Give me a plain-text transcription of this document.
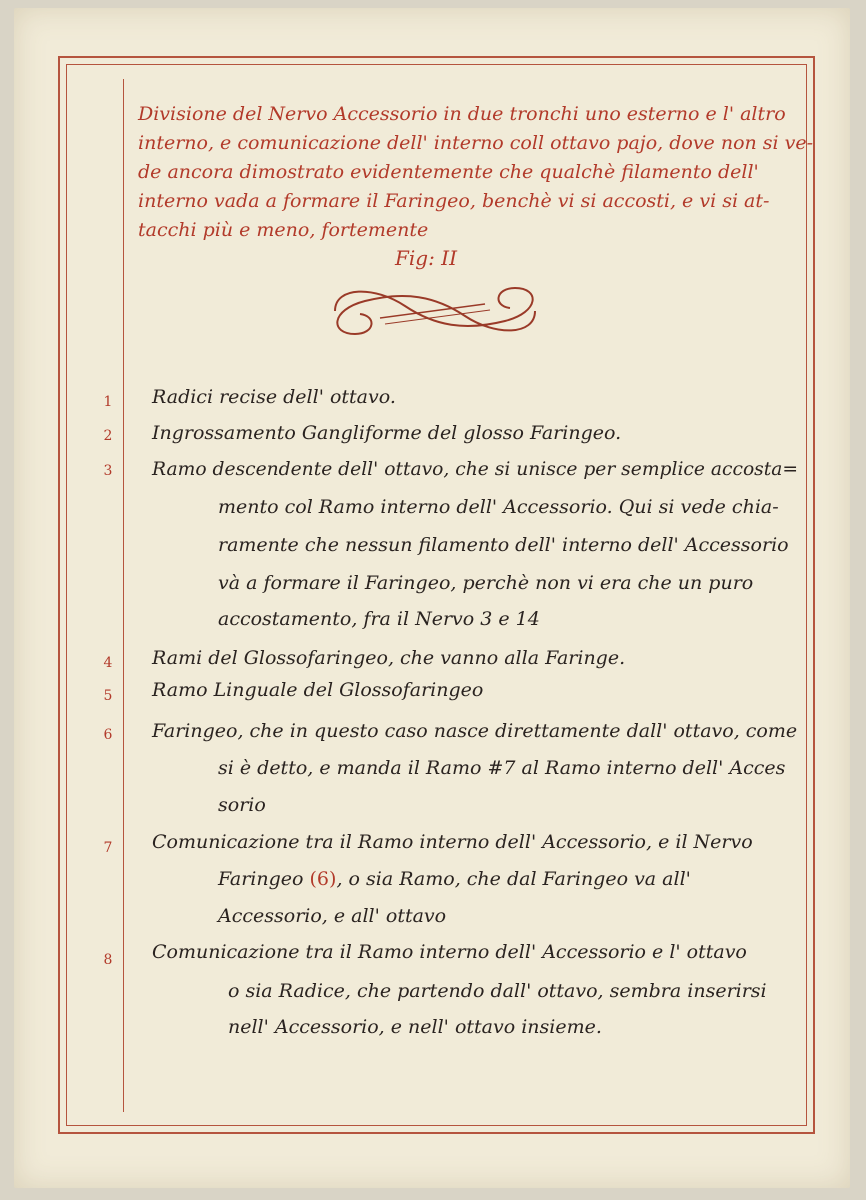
Divisione del Nervo Accessorio in due tronchi uno esterno e l' altro
interno, e comunicazione dell' interno coll ottavo pajo, dove non si ve-
de ancora dimostrato evidentemente che qualchè filamento dell'
interno vada a formare il Faringeo, benchè vi si accosti, e vi si at-
tacchi più e meno, fortemente
Fig: II
1	Radici recise dell' ottavo.
2	Ingrossamento Gangliforme del glosso Faringeo.
3	Ramo descendente dell' ottavo, che si unisce per semplice accosta=
mento col Ramo interno dell' Accessorio. Qui si vede chia-
ramente che nessun filamento dell' interno dell' Accessorio
và a formare il Faringeo, perchè non vi era che un puro
accostamento, fra il Nervo 3 e 14
4	Rami del Glossofaringeo, che vanno alla Faringe.
5	Ramo Linguale del Glossofaringeo
6	Faringeo, che in questo caso nasce direttamente dall' ottavo, come
si è detto, e manda il Ramo #7 al Ramo interno dell' Acces
sorio
7	Comunicazione tra il Ramo interno dell' Accessorio, e il Nervo
Faringeo (6), o sia Ramo, che dal Faringeo va all'
Accessorio, e all' ottavo
8	Comunicazione tra il Ramo interno dell' Accessorio e l' ottavo
o sia Radice, che partendo dall' ottavo, sembra inserirsi
nell' Accessorio, e nell' ottavo insieme.
